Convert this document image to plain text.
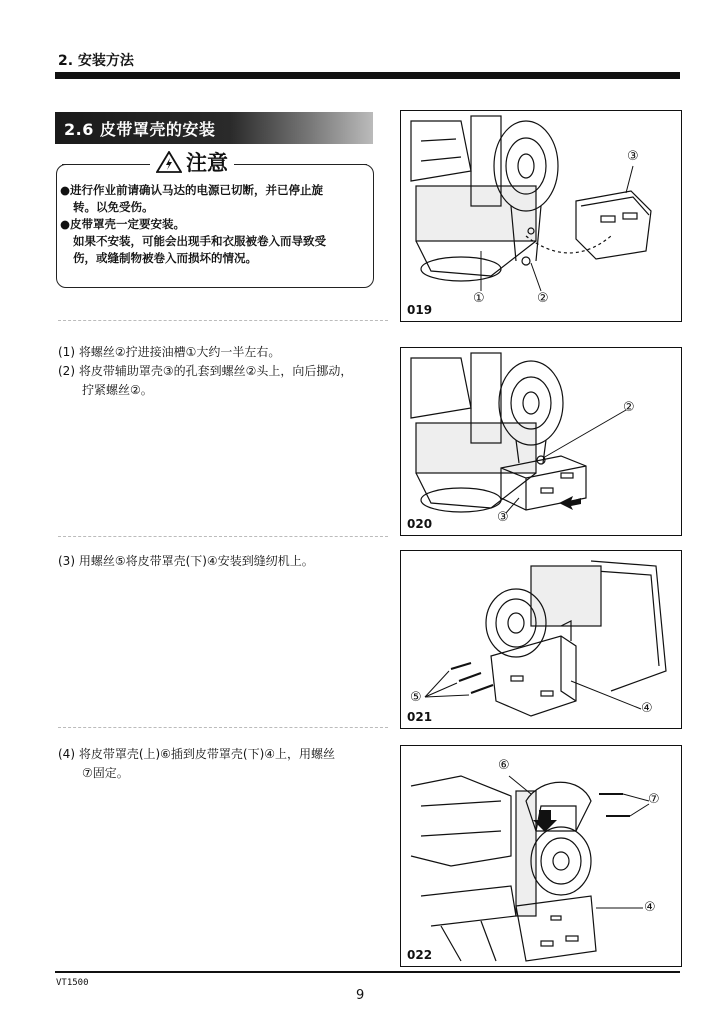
2. 安装方法
2.6 皮带罩壳的安装
注意
●进行作业前请确认马达的电源已切断，并已停止旋
转。以免受伤。
●皮带罩壳一定要安装。
如果不安装，可能会出现手和衣服被卷入而导致受
伤，或缝制物被卷入而损坏的情况。
(1) 将螺丝②拧进接油槽①大约一半左右。
(2) 将皮带辅助罩壳③的孔套到螺丝②头上，向后挪动，
拧紧螺丝②。
(3) 用螺丝⑤将皮带罩壳(下)④安装到缝纫机上。
(4) 将皮带罩壳(上)⑥插到皮带罩壳(下)④上，用螺丝
⑦固定。
①	②
③
019
②
③
020
⑤
④
021
⑥
⑦
④
022
VT1500
9
